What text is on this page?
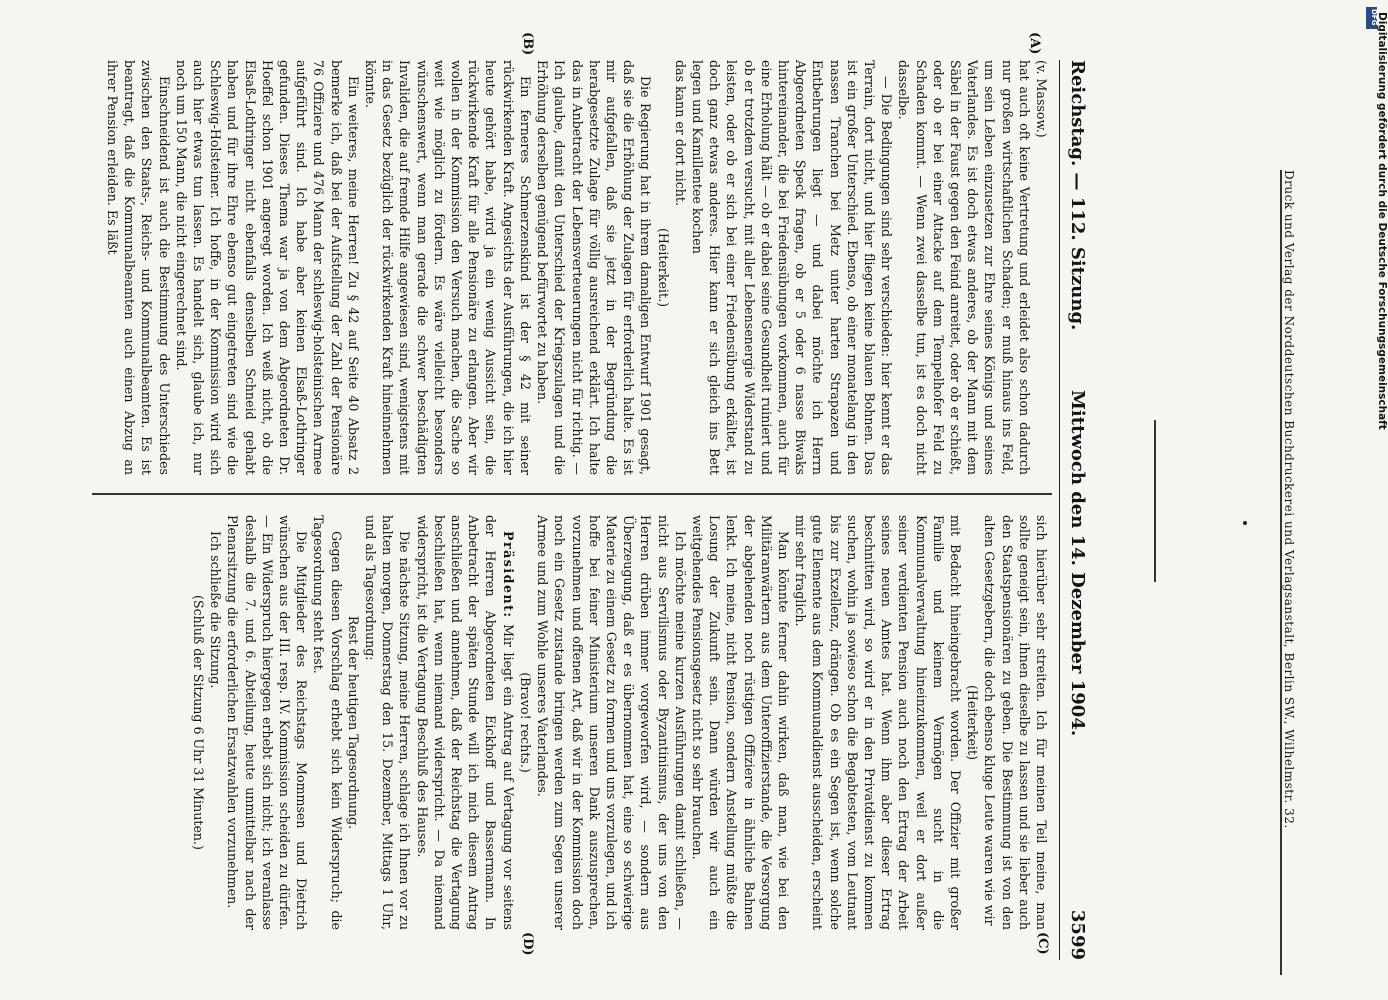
Reichstag. — 112. Sitzung.
Mittwoch den 14. Dezember 1904.
3599
(A)
(B)
(C)
(D)

(v. Massow.)

hat auch oft keine Vertretung und erleidet also schon dadurch nur großen wirtschaftlichen Schaden; er muß hinaus ins Feld, um sein Leben einzusetzen zur Ehre seines Königs und seines Vaterlandes. Es ist doch etwas anderes, ob der Mann mit dem Säbel in der Faust gegen den Feind anreitet, oder ob er schießt, oder ob er bei einer Attacke auf dem Tempelhofer Feld zu Schaden kommt. — Wenn zwei dasselbe tun, ist es doch nicht dasselbe.

— Die Bedingungen sind sehr verschieden: hier kennt er das Terrain, dort nicht, und hier fliegen keine blauen Bohnen. Das ist ein großer Unterschied. Ebenso, ob einer monatelang in den nassen Tranchen bei Metz unter harten Strapazen und Entbehrungen liegt — und dabei möchte ich Herrn Abgeordneten Speck fragen, ob er 5 oder 6 nasse Biwaks hintereinander, die bei Friedensübungen vorkommen, auch für eine Erholung hält — ob er dabei seine Gesundheit ruiniert und ob er trotzdem versucht, mit aller Lebensenergie Widerstand zu leisten, oder ob er sich bei einer Friedensübung erkältet, ist doch ganz etwas anderes. Hier kann er sich gleich ins Bett legen und Kamillentee kochen

das kann er dort nicht.

(Heiterkeit.)

Die Regierung hat in ihrem damaligen Entwurf 1901 gesagt, daß sie die Erhöhung der Zulagen für erforderlich halte. Es ist mir aufgefallen, daß sie jetzt in der Begründung die herabgesetzte Zulage für völlig ausreichend erklärt. Ich halte das in Anbetracht der Lebensverteuerungen nicht für richtig. — Ich glaube, damit den Unterschied der Kriegszulagen und die Erhöhung derselben genügend befürwortet zu haben.

Ein ferneres Schmerzenskind ist der § 42 mit seiner rückwirkenden Kraft. Angesichts der Ausführungen, die ich hier heute gehört habe, wird ja ein wenig Aussicht sein, die rückwirkende Kraft für alle Pensionäre zu erlangen. Aber wir wollen in der Kommission den Versuch machen, die Sache so weit wie möglich zu fördern. Es wäre vielleicht besonders wünschenswert, wenn man gerade die schwer beschädigten Invaliden, die auf fremde Hilfe angewiesen sind, wenigstens mit in das Gesetz bezüglich der rückwirkenden Kraft hineinnehmen könnte.

Ein weiteres, meine Herren! Zu § 42 auf Seite 40 Absatz 2 bemerke ich, daß bei der Aufstellung der Zahl der Pensionäre 76 Offiziere und 476 Mann der schleswig-holsteinischen Armee aufgeführt sind. Ich habe aber keinen Elsaß-Lothringer gefunden. Dieses Thema war ja von dem Abgeordneten Dr. Hoeffel schon 1901 angeregt worden. Ich weiß nicht, ob die Elsaß-Lothringer nicht ebenfalls denselben Schneid gehabt haben und für ihre Ehre ebenso gut eingetreten sind wie die Schleswig-Holsteiner. Ich hoffe, in der Kommission wird sich auch hier etwas tun lassen. Es handelt sich, glaube ich, nur noch um 150 Mann, die nicht eingerechnet sind.

Einschneidend ist auch die Bestimmung des Unterschiedes zwischen den Staats-, Reichs- und Kommunalbeamten. Es ist beantragt, daß die Kommunalbeamten auch einen Abzug an ihrer Pension erleiden. Es läßt

sich hierüber sehr streiten. Ich für meinen Teil meine, man sollte geneigt sein, ihnen dieselbe zu lassen und sie lieber auch den Staatspensionären zu geben. Die Bestimmung ist von den alten Gesetzgebern, die doch ebenso kluge Leute waren wie wir

(Heiterkeit)

mit Bedacht hineingebracht worden. Der Offizier mit großer Familie und keinem Vermögen sucht in die Kommunalverwaltung hineinzukommen, weil er dort außer seiner verdienten Pension auch noch den Ertrag der Arbeit seines neuen Amtes hat. Wenn ihm aber dieser Ertrag beschnitten wird, so wird er in den Privatdienst zu kommen suchen, wohin ja sowieso schon die Begabtesten, vom Leutnant bis zur Exzellenz, drängen. Ob es ein Segen ist, wenn solche gute Elemente aus dem Kommunaldienst ausscheiden, erscheint mir sehr fraglich.

Man könnte ferner dahin wirken, daß man, wie bei den Militäranwärtern aus dem Unteroffizierstande, die Versorgung der abgehenden noch rüstigen Offiziere in ähnliche Bahnen lenkt. Ich meine, nicht Pension, sondern Anstellung müßte die Losung der Zukunft sein. Dann würden wir auch ein weitgehendes Pensionsgesetz nicht so sehr brauchen.

Ich möchte meine kurzen Ausführungen damit schließen, — nicht aus Servilismus oder Byzantinismus, der uns von den Herren drüben immer vorgeworfen wird, — sondern aus Überzeugung, daß er es übernommen hat, eine so schwierige Materie zu einem Gesetz zu formen und uns vorzulegen, und ich hoffe bei feiner Ministerium unseren Dank auszusprechen, vorzunehmen und offenen Art, daß wir in der Kommission doch noch ein Gesetz zustande bringen werden zum Segen unserer Armee und zum Wohle unseres Vaterlandes.

(Bravo! rechts.)

Präsident: Mir liegt ein Antrag auf Vertagung vor seitens der Herren Abgeordneten Eickhoff und Bassermann. In Anbetracht der späten Stunde will ich mich diesem Antrag anschließen und annehmen, daß der Reichstag die Vertagung beschließen hat, wenn niemand widerspricht. — Da niemand widerspricht, ist die Vertagung Beschluß des Hauses.

Die nächste Sitzung, meine Herren, schlage ich Ihnen vor zu halten morgen, Donnerstag den 15. Dezember, Mittags 1 Uhr, und als Tagesordnung:

Rest der heutigen Tagesordnung.

Gegen diesen Vorschlag erhebt sich kein Widerspruch; die Tagesordnung steht fest.

Die Mitglieder des Reichstags Mommsen und Dietrich wünschen aus der III. resp. IV. Kommission scheiden zu dürfen. — Ein Widerspruch hiergegen erhebt sich nicht; ich veranlasse deshalb die 7. und 6. Abteilung, heute unmittelbar nach der Plenarsitzung die erforderlichen Ersatzwahlen vorzunehmen.

Ich schließe die Sitzung.

(Schluß der Sitzung 6 Uhr 31 Minuten.)	Druck und Verlag der Norddeutschen Buchdruckerei und Verlagsanstalt, Berlin SW., Wilhelmstr. 32.
DFG
Digitalisierung gefördert durch die Deutsche Forschungsgemeinschaft
